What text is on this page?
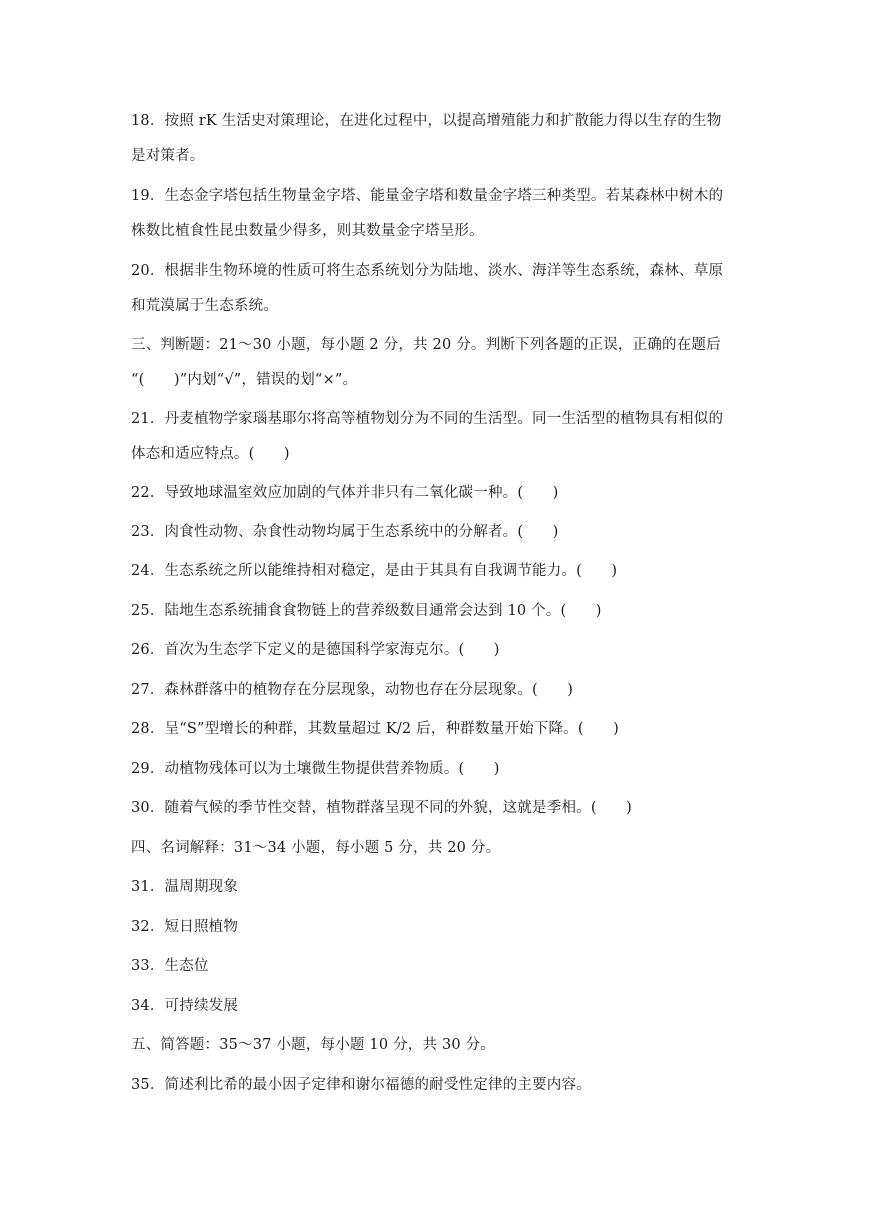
18．按照 rK 生活史对策理论，在进化过程中，以提高增殖能力和扩散能力得以生存的生物
是对策者。
19．生态金字塔包括生物量金字塔、能量金字塔和数量金字塔三种类型。若某森林中树木的
株数比植食性昆虫数量少得多，则其数量金字塔呈形。
20．根据非生物环境的性质可将生态系统划分为陆地、淡水、海洋等生态系统，森林、草原
和荒漠属于生态系统。
三、判断题：21～30 小题，每小题 2 分，共 20 分。判断下列各题的正误，正确的在题后
“(　　)”内划“√”，错误的划“×”。
21．丹麦植物学家瑙基耶尔将高等植物划分为不同的生活型。同一生活型的植物具有相似的
体态和适应特点。(　　)
22．导致地球温室效应加剧的气体并非只有二氧化碳一种。(　　)
23．肉食性动物、杂食性动物均属于生态系统中的分解者。(　　)
24．生态系统之所以能维持相对稳定，是由于其具有自我调节能力。(　　)
25．陆地生态系统捕食食物链上的营养级数目通常会达到 10 个。(　　)
26．首次为生态学下定义的是德国科学家海克尔。(　　)
27．森林群落中的植物存在分层现象，动物也存在分层现象。(　　)
28．呈“S”型增长的种群，其数量超过 K/2 后，种群数量开始下降。(　　)
29．动植物残体可以为土壤微生物提供营养物质。(　　)
30．随着气候的季节性交替，植物群落呈现不同的外貌，这就是季相。(　　)
四、名词解释：31～34 小题，每小题 5 分，共 20 分。
31．温周期现象
32．短日照植物
33．生态位
34．可持续发展
五、简答题：35～37 小题，每小题 10 分，共 30 分。
35．简述利比希的最小因子定律和谢尔福德的耐受性定律的主要内容。
